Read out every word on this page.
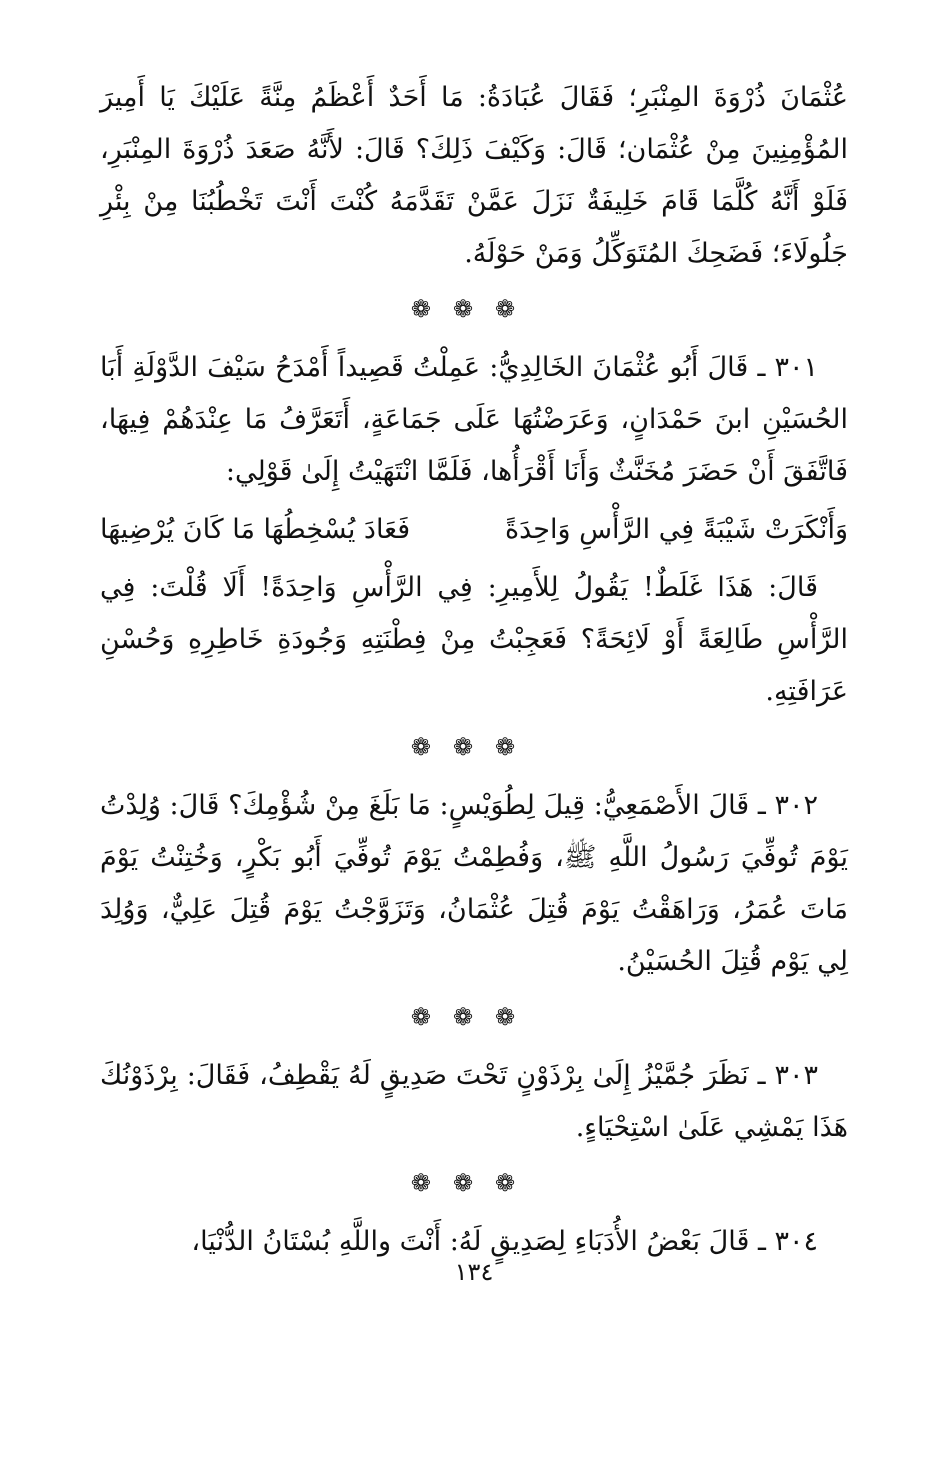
عُثْمَانَ ذُرْوَةَ المِنْبَرِ؛ فَقَالَ عُبَادَةُ: مَا أَحَدٌ أَعْظَمُ مِنَّةً عَلَيْكَ يَا أَمِيرَ المُؤْمِنِينَ مِنْ عُثْمَان؛ قَالَ: وَكَيْفَ ذَلِكَ؟ قَالَ: لأَنَّهُ صَعَدَ ذُرْوَةَ المِنْبَرِ، فَلَوْ أَنَّهُ كُلَّمَا قَامَ خَلِيفَةٌ نَزَلَ عَمَّنْ تَقَدَّمَهُ كُنْتَ أَنْتَ تَخْطُبُنَا مِنْ بِئْرِ جَلُولَاءَ؛ فَضَحِكَ المُتَوَكِّلُ وَمَنْ حَوْلَهُ.

❁❁❁

٣٠١ ـ قَالَ أَبُو عُثْمَانَ الخَالِدِيُّ: عَمِلْتُ قَصِيداً أَمْدَحُ سَيْفَ الدَّوْلَةِ أَبَا الحُسَيْنِ ابنَ حَمْدَانٍ، وَعَرَضْتُهَا عَلَى جَمَاعَةٍ، أَتَعَرَّفُ مَا عِنْدَهُمْ فِيهَا، فَاتَّفَقَ أَنْ حَضَرَ مُخَنَّثٌ وَأَنَا أَقْرَأُها، فَلَمَّا انْتَهَيْتُ إِلَىٰ قَوْلِي:

وَأَنْكَرَتْ شَيْبَةً فِي الرَّأْسِ وَاحِدَةً
فَعَادَ يُسْخِطُهَا مَا كَانَ يُرْضِيهَا

قَالَ: هَذَا غَلَطٌ! يَقُولُ لِلأَمِيرِ: فِي الرَّأْسِ وَاحِدَةً! أَلَا قُلْتَ: فِي الرَّأْسِ طَالِعَةً أَوْ لَائِحَةً؟ فَعَجِبْتُ مِنْ فِطْنَتِهِ وَجُودَةِ خَاطِرِهِ وَحُسْنِ عَرَافَتِهِ.

❁❁❁

٣٠٢ ـ قَالَ الأَصْمَعِيُّ: قِيلَ لِطُوَيْسٍ: مَا بَلَغَ مِنْ شُؤْمِكَ؟ قَالَ: وُلِدْتُ يَوْمَ تُوفِّيَ رَسُولُ اللَّهِ ﷺ، وَفُطِمْتُ يَوْمَ تُوفِّيَ أَبُو بَكْرٍ، وَخُتِنْتُ يَوْمَ مَاتَ عُمَرُ، وَرَاهَقْتُ يَوْمَ قُتِلَ عُثْمَانُ، وَتَزَوَّجْتُ يَوْمَ قُتِلَ عَلِيٌّ، وَوُلِدَ لِي يَوْم قُتِلَ الحُسَيْنُ.

❁❁❁

٣٠٣ ـ نَظَرَ جُمَّيْزُ إِلَىٰ بِرْذَوْنٍ تَحْتَ صَدِيقٍ لَهُ يَقْطِفُ، فَقَالَ: بِرْذَوْنُكَ هَذَا يَمْشِي عَلَىٰ اسْتِحْيَاءٍ.

❁❁❁

٣٠٤ ـ قَالَ بَعْضُ الأُدَبَاءِ لِصَدِيقٍ لَهُ: أَنْتَ واللَّهِ بُسْتَانُ الدُّنْيَا،

١٣٤
